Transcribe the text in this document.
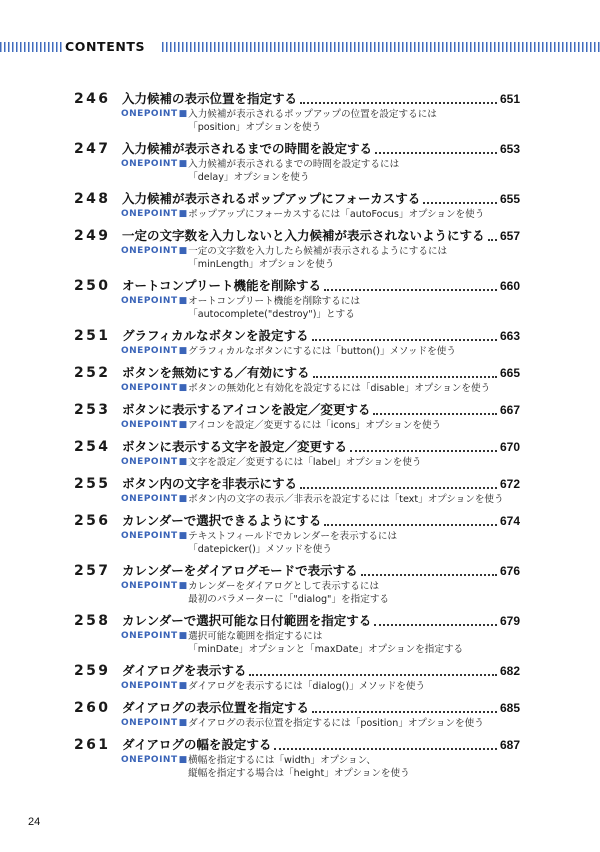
CONTENTS
246 入力候補の表示位置を指定する	651
ONEPOINT ■ 入力候補が表示されるポップアップの位置を設定するには
「position」オプションを使う
247 入力候補が表示されるまでの時間を設定する	653
ONEPOINT ■ 入力候補が表示されるまでの時間を設定するには
「delay」オプションを使う
248 入力候補が表示されるポップアップにフォーカスする	655
ONEPOINT ■ ポップアップにフォーカスするには「autoFocus」オプションを使う
249 一定の文字数を入力しないと入力候補が表示されないようにする 657
ONEPOINT ■ 一定の文字数を入力したら候補が表示されるようにするには
「minLength」オプションを使う
250 オートコンプリート機能を削除する	660
ONEPOINT ■ オートコンプリート機能を削除するには
「autocomplete("destroy")」とする
251 グラフィカルなボタンを設定する	663
ONEPOINT ■ グラフィカルなボタンにするには「button()」メソッドを使う
252 ボタンを無効にする／有効にする	665
ONEPOINT ■ ボタンの無効化と有効化を設定するには「disable」オプションを使う
253 ボタンに表示するアイコンを設定／変更する	667
ONEPOINT ■ アイコンを設定／変更するには「icons」オプションを使う
254 ボタンに表示する文字を設定／変更する	670
ONEPOINT ■ 文字を設定／変更するには「label」オプションを使う
255 ボタン内の文字を非表示にする	672
ONEPOINT ■ ボタン内の文字の表示／非表示を設定するには「text」オプションを使う
256 カレンダーで選択できるようにする	674
ONEPOINT ■ テキストフィールドでカレンダーを表示するには
「datepicker()」メソッドを使う
257 カレンダーをダイアログモードで表示する	676
ONEPOINT ■ カレンダーをダイアログとして表示するには
最初のパラメーターに「"dialog"」を指定する
258 カレンダーで選択可能な日付範囲を指定する	679
ONEPOINT ■ 選択可能な範囲を指定するには
「minDate」オプションと「maxDate」オプションを指定する
259 ダイアログを表示する	682
ONEPOINT ■ ダイアログを表示するには「dialog()」メソッドを使う
260 ダイアログの表示位置を指定する	685
ONEPOINT ■ ダイアログの表示位置を指定するには「position」オプションを使う
261 ダイアログの幅を設定する	687
ONEPOINT ■ 横幅を指定するには「width」オプション、
縦幅を指定する場合は「height」オプションを使う
24
